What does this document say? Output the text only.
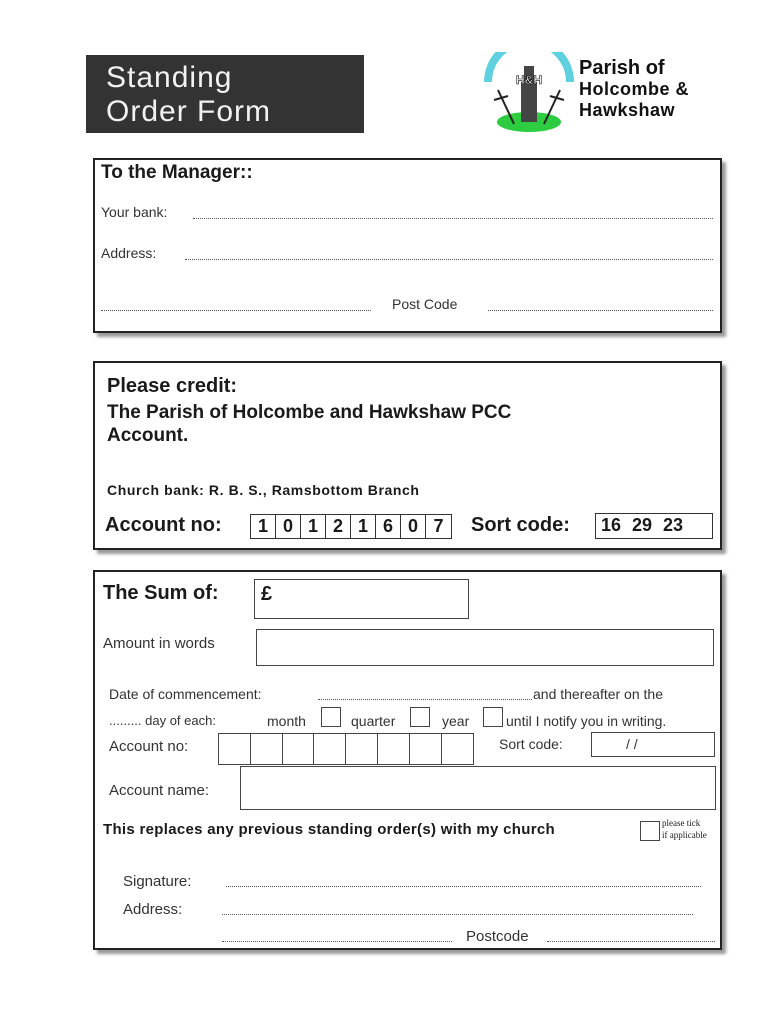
Standing
Order Form
H&H
Parish of
Holcombe &
Hawkshaw
To the Manager::
Your bank:
Address:
Post Code
Please credit:
The Parish of Holcombe and Hawkshaw PCC
Account.
Church bank: R. B. S., Ramsbottom Branch
Account no:	1 0 1 2 1 6 0 7	Sort code:	16 29 23
The Sum of: £
Amount in words
Date of commencement:	and thereafter on the
......... day of each:	month	quarter	year	until I notify you in writing.
Account no:	Sort code:	/ /
Account name:
This replaces any previous standing order(s) with my church	please tick
if applicable
Signature:
Address:
Postcode
